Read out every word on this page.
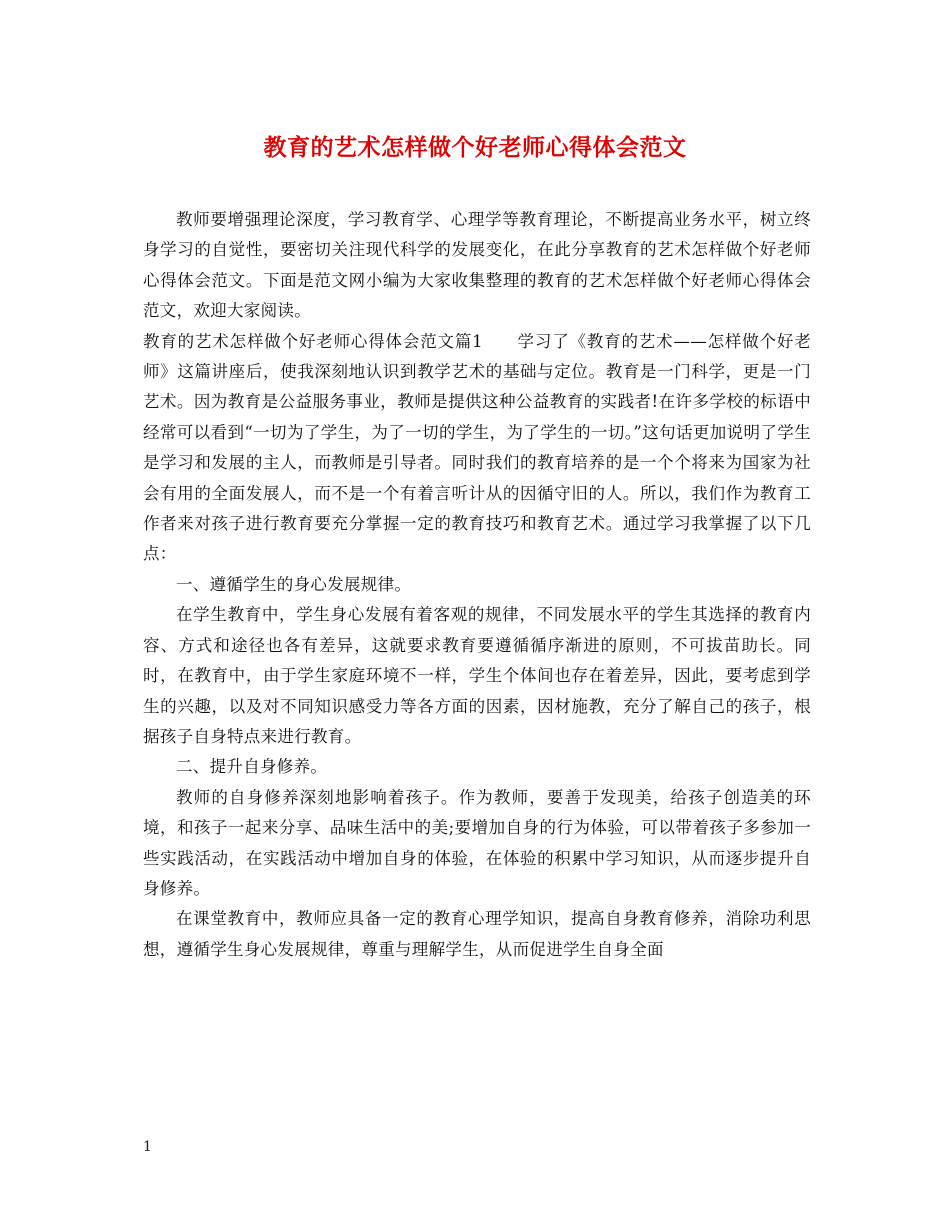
教育的艺术怎样做个好老师心得体会范文

教师要增强理论深度，学习教育学、心理学等教育理论，不断提高业务水平，树立终身学习的自觉性，要密切关注现代科学的发展变化，在此分享教育的艺术怎样做个好老师心得体会范文。下面是范文网小编为大家收集整理的教育的艺术怎样做个好老师心得体会范文，欢迎大家阅读。

教育的艺术怎样做个好老师心得体会范文篇1 学习了《教育的艺术——怎样做个好老师》这篇讲座后，使我深刻地认识到教学艺术的基础与定位。教育是一门科学，更是一门艺术。因为教育是公益服务事业，教师是提供这种公益教育的实践者!在许多学校的标语中经常可以看到“一切为了学生，为了一切的学生，为了学生的一切。”这句话更加说明了学生是学习和发展的主人，而教师是引导者。同时我们的教育培养的是一个个将来为国家为社会有用的全面发展人，而不是一个有着言听计从的因循守旧的人。所以，我们作为教育工作者来对孩子进行教育要充分掌握一定的教育技巧和教育艺术。通过学习我掌握了以下几点：

一、遵循学生的身心发展规律。

在学生教育中，学生身心发展有着客观的规律，不同发展水平的学生其选择的教育内容、方式和途径也各有差异，这就要求教育要遵循循序渐进的原则，不可拔苗助长。同时，在教育中，由于学生家庭环境不一样，学生个体间也存在着差异，因此，要考虑到学生的兴趣，以及对不同知识感受力等各方面的因素，因材施教，充分了解自己的孩子，根据孩子自身特点来进行教育。

二、提升自身修养。

教师的自身修养深刻地影响着孩子。作为教师，要善于发现美，给孩子创造美的环境，和孩子一起来分享、品味生活中的美;要增加自身的行为体验，可以带着孩子多参加一些实践活动，在实践活动中增加自身的体验，在体验的积累中学习知识，从而逐步提升自身修养。

在课堂教育中，教师应具备一定的教育心理学知识，提高自身教育修养，消除功利思想，遵循学生身心发展规律，尊重与理解学生，从而促进学生自身全面

1
